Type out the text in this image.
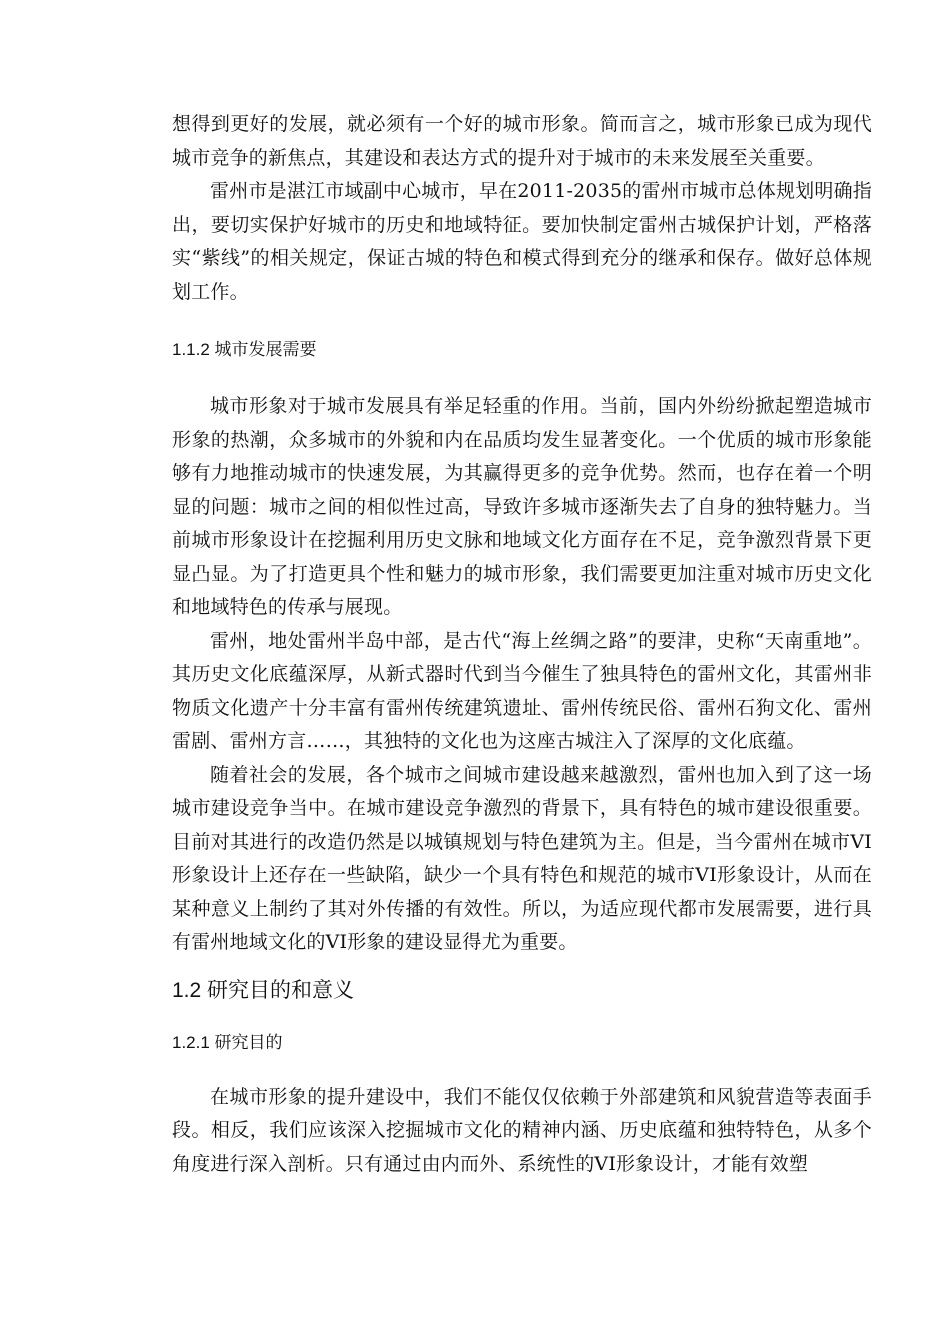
想得到更好的发展，就必须有一个好的城市形象。简而言之，城市形象已成为现代城市竞争的新焦点，其建设和表达方式的提升对于城市的未来发展至关重要。

雷州市是湛江市域副中心城市，早在2011-2035的雷州市城市总体规划明确指出，要切实保护好城市的历史和地域特征。要加快制定雷州古城保护计划，严格落实“紫线”的相关规定，保证古城的特色和模式得到充分的继承和保存。做好总体规划工作。

1.1.2 城市发展需要

城市形象对于城市发展具有举足轻重的作用。当前，国内外纷纷掀起塑造城市形象的热潮，众多城市的外貌和内在品质均发生显著变化。一个优质的城市形象能够有力地推动城市的快速发展，为其赢得更多的竞争优势。然而，也存在着一个明显的问题：城市之间的相似性过高，导致许多城市逐渐失去了自身的独特魅力。当前城市形象设计在挖掘利用历史文脉和地域文化方面存在不足，竞争激烈背景下更显凸显。为了打造更具个性和魅力的城市形象，我们需要更加注重对城市历史文化和地域特色的传承与展现。

雷州，地处雷州半岛中部，是古代“海上丝绸之路”的要津，史称“天南重地”。其历史文化底蕴深厚，从新式器时代到当今催生了独具特色的雷州文化，其雷州非物质文化遗产十分丰富有雷州传统建筑遗址、雷州传统民俗、雷州石狗文化、雷州雷剧、雷州方言……，其独特的文化也为这座古城注入了深厚的文化底蕴。

随着社会的发展，各个城市之间城市建设越来越激烈，雷州也加入到了这一场城市建设竞争当中。在城市建设竞争激烈的背景下，具有特色的城市建设很重要。目前对其进行的改造仍然是以城镇规划与特色建筑为主。但是，当今雷州在城市VI形象设计上还存在一些缺陷，缺少一个具有特色和规范的城市VI形象设计，从而在某种意义上制约了其对外传播的有效性。所以，为适应现代都市发展需要，进行具有雷州地域文化的VI形象的建设显得尤为重要。

1.2 研究目的和意义
1.2.1 研究目的

在城市形象的提升建设中，我们不能仅仅依赖于外部建筑和风貌营造等表面手段。相反，我们应该深入挖掘城市文化的精神内涵、历史底蕴和独特特色，从多个角度进行深入剖析。只有通过由内而外、系统性的VI形象设计，才能有效塑
